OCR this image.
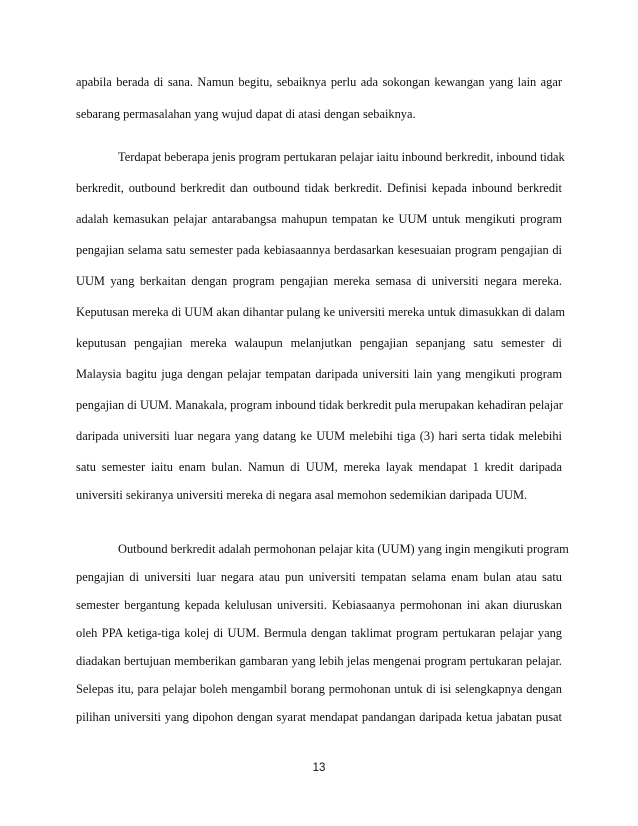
apabila berada di sana. Namun begitu, sebaiknya perlu ada sokongan kewangan yang lain agar
sebarang permasalahan yang wujud dapat di atasi dengan sebaiknya.
Terdapat beberapa jenis program pertukaran pelajar iaitu inbound berkredit, inbound tidak
berkredit, outbound berkredit dan outbound tidak berkredit. Definisi kepada inbound berkredit
adalah kemasukan pelajar antarabangsa mahupun tempatan ke UUM untuk mengikuti program
pengajian selama satu semester pada kebiasaannya berdasarkan kesesuaian program pengajian di
UUM yang berkaitan dengan program pengajian mereka semasa di universiti negara mereka.
Keputusan mereka di UUM akan dihantar pulang ke universiti mereka untuk dimasukkan di dalam
keputusan pengajian mereka walaupun melanjutkan pengajian sepanjang satu semester di
Malaysia bagitu juga dengan pelajar tempatan daripada universiti lain yang mengikuti program
pengajian di UUM. Manakala, program inbound tidak berkredit pula merupakan kehadiran pelajar
daripada universiti luar negara yang datang ke UUM melebihi tiga (3) hari serta tidak melebihi
satu semester iaitu enam bulan. Namun di UUM, mereka layak mendapat 1 kredit daripada
universiti sekiranya universiti mereka di negara asal memohon sedemikian daripada UUM.
Outbound berkredit adalah permohonan pelajar kita (UUM) yang ingin mengikuti program
pengajian di universiti luar negara atau pun universiti tempatan selama enam bulan atau satu
semester bergantung kepada kelulusan universiti. Kebiasaanya permohonan ini akan diuruskan
oleh PPA ketiga-tiga kolej di UUM. Bermula dengan taklimat program pertukaran pelajar yang
diadakan bertujuan memberikan gambaran yang lebih jelas mengenai program pertukaran pelajar.
Selepas itu, para pelajar boleh mengambil borang permohonan untuk di isi selengkapnya dengan
pilihan universiti yang dipohon dengan syarat mendapat pandangan daripada ketua jabatan pusat
13
